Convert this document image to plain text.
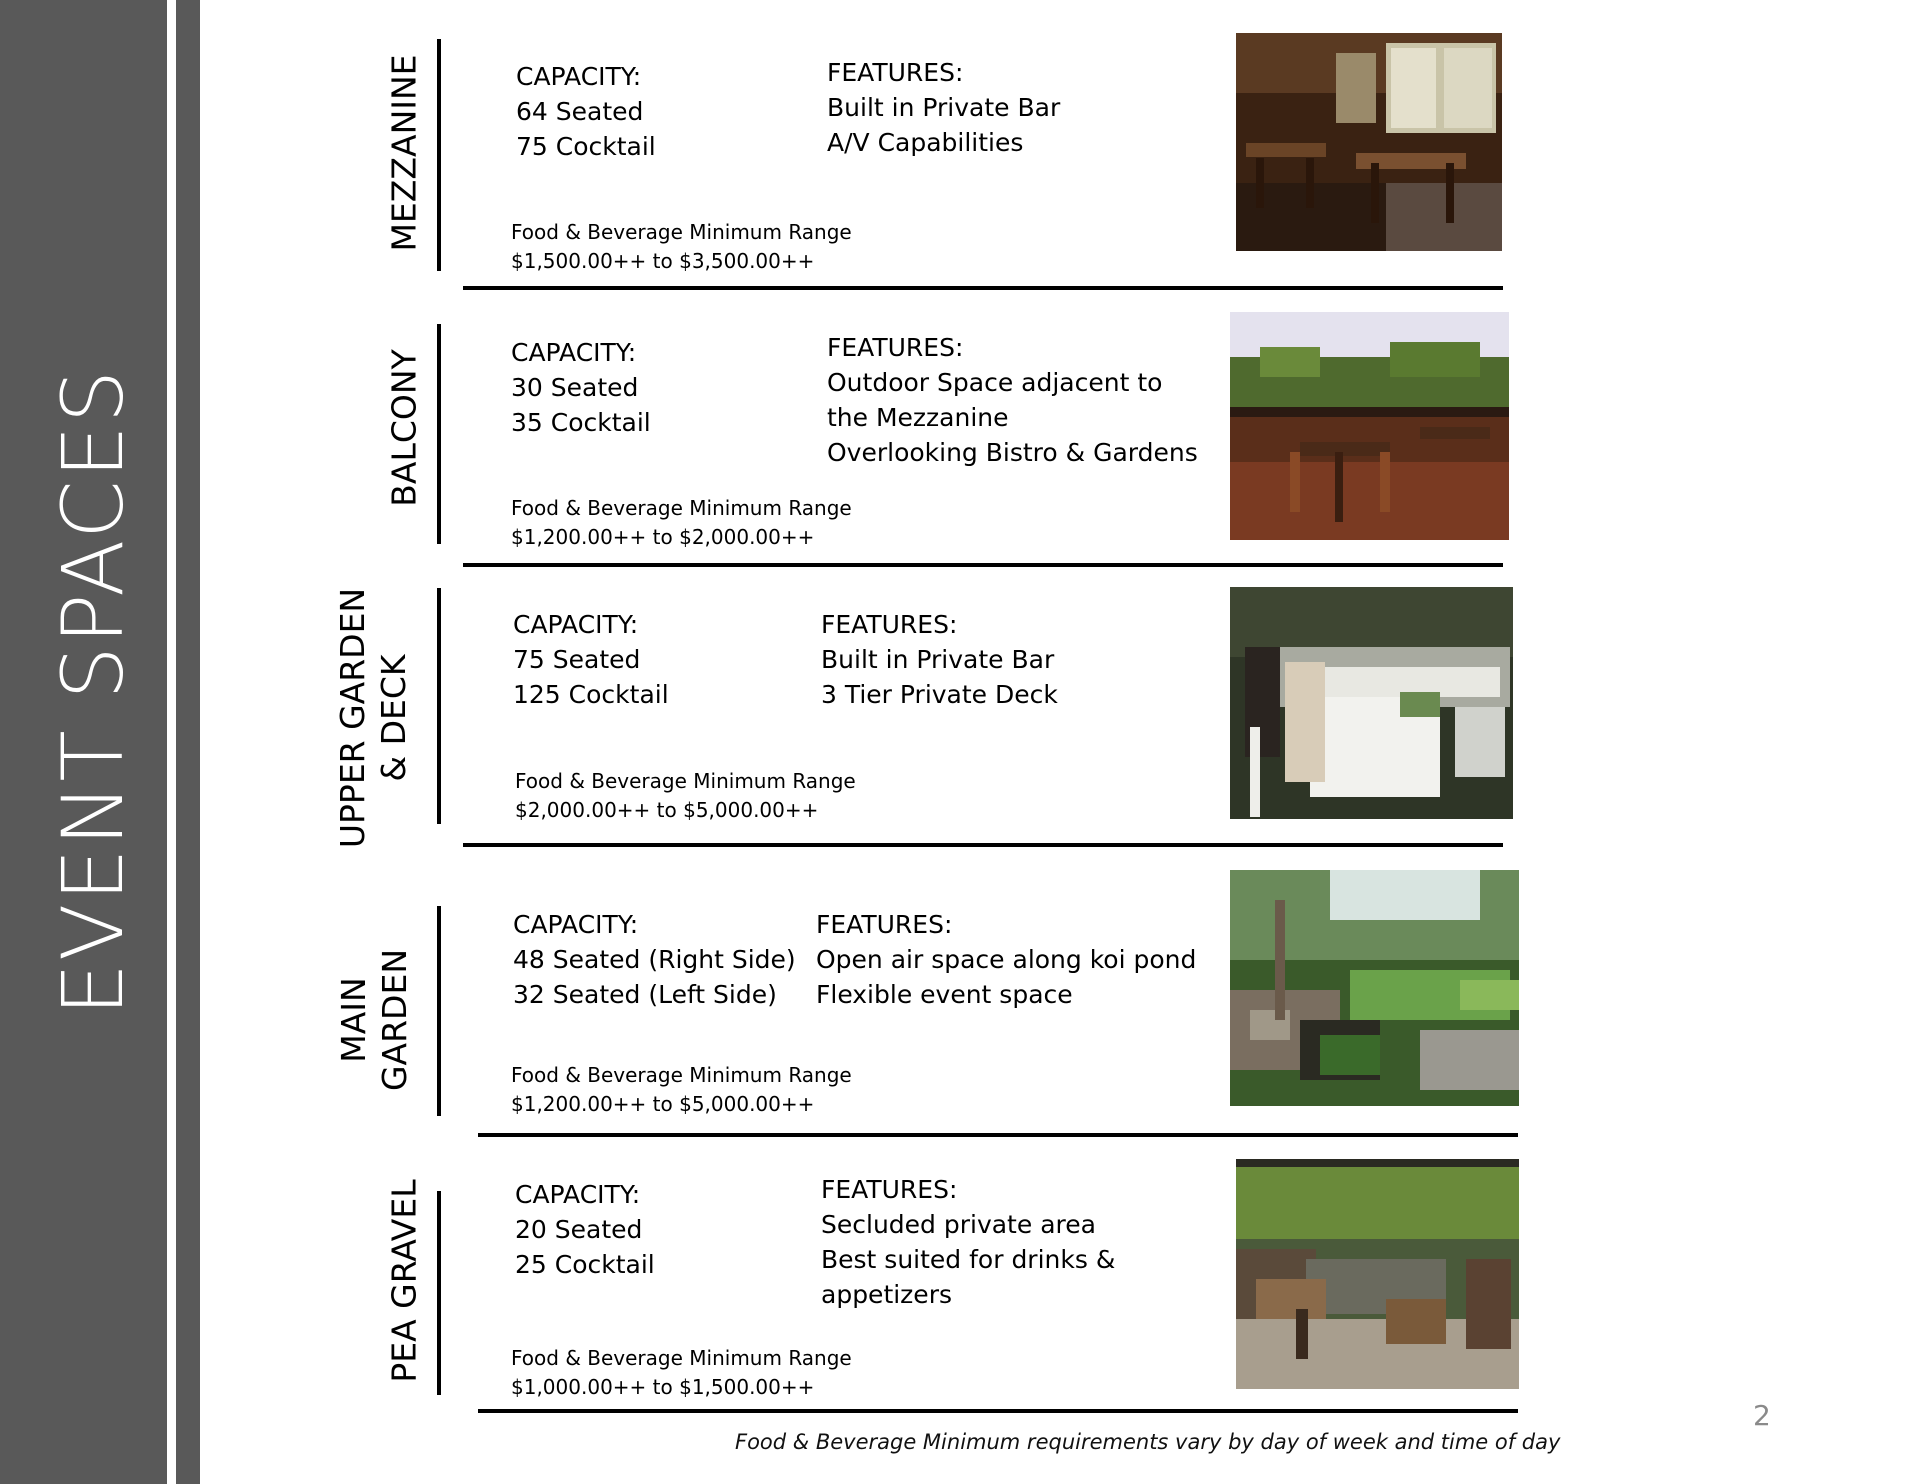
EVENT SPACES
MEZZANINE	CAPACITY:
64 Seated
75 Cocktail
FEATURES:
Built in Private Bar
A/V Capabilities
Food & Beverage Minimum Range
$1,500.00++ to $3,500.00++
BALCONY	CAPACITY:
30 Seated
35 Cocktail
FEATURES:
Outdoor Space adjacent to
the Mezzanine
Overlooking Bistro & Gardens
Food & Beverage Minimum Range
$1,200.00++ to $2,000.00++
UPPER GARDEN & DECK
CAPACITY:
75 Seated
125 Cocktail
FEATURES:
Built in Private Bar
3 Tier Private Deck
Food & Beverage Minimum Range
$2,000.00++ to $5,000.00++
MAIN GARDEN
CAPACITY:
48 Seated (Right Side)
32 Seated (Left Side)
FEATURES:
Open air space along koi pond
Flexible event space
Food & Beverage Minimum Range
$1,200.00++ to $5,000.00++
PEA GRAVEL	CAPACITY:
20 Seated
25 Cocktail
FEATURES:
Secluded private area
Best suited for drinks &
appetizers
Food & Beverage Minimum Range
$1,000.00++ to $1,500.00++
Food & Beverage Minimum requirements vary by day of week and time of day
2
